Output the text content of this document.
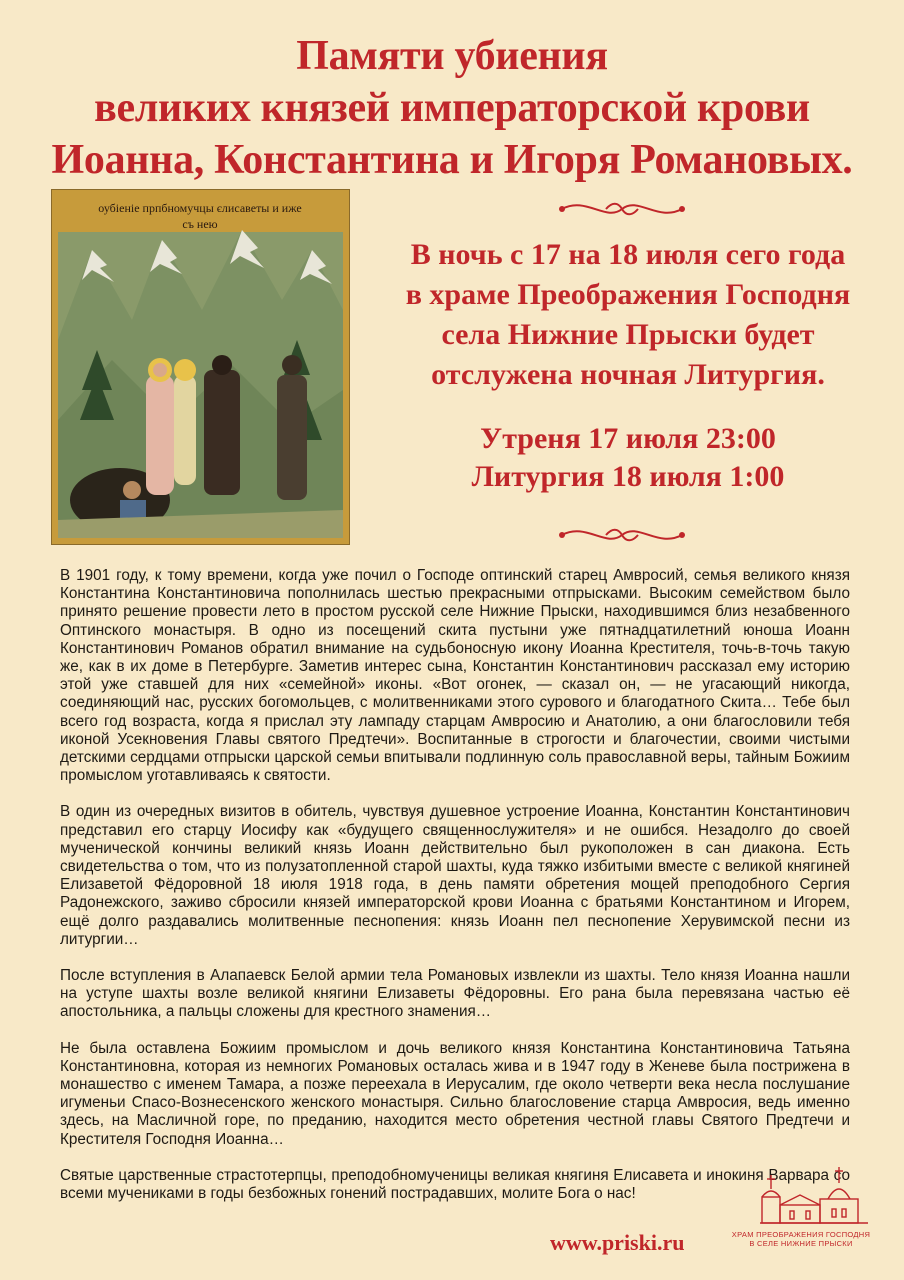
Памяти убиения
великих князей императорской крови
Иоанна, Константина и Игоря Романовых.
оубіеніе прпбномучцы єлисаветы и иже
съ нею
В ночь с 17 на 18 июля сего года
в храме Преображения Господня
села Нижние Прыски будет
отслужена ночная Литургия.
Утреня 17 июля 23:00
Литургия 18 июля 1:00

В 1901 году, к тому времени, когда уже почил о Господе оптинский старец Амвросий, семья великого князя Константина Константиновича пополнилась шестью прекрасными отпрысками. Высоким семейством было принято решение провести лето в простом русской селе Нижние Прыски, находившимся близ незабвенного Оптинского монастыря. В одно из посещений скита пустыни уже пятнадцатилетний юноша Иоанн Константинович Романов обратил внимание на судьбоносную икону Иоанна Крестителя, точь-в-точь такую же, как в их доме в Петербурге. Заметив интерес сына, Константин Константинович рассказал ему историю этой уже ставшей для них «семейной» иконы. «Вот огонек, — сказал он, — не угасающий никогда, соединяющий нас, русских богомольцев, с молитвенниками этого сурового и благодатного Скита… Тебе был всего год возраста, когда я прислал эту лампаду старцам Амвросию и Анатолию, а они благословили тебя иконой Усекновения Главы святого Предтечи». Воспитанные в строгости и благочестии, своими чистыми детскими сердцами отпрыски царской семьи впитывали подлинную соль православной веры, тайным Божиим промыслом уготавливаясь к святости.

В один из очередных визитов в обитель, чувствуя душевное устроение Иоанна, Константин Константинович представил его старцу Иосифу как «будущего священнослужителя» и не ошибся. Незадолго до своей мученической кончины великий князь Иоанн действительно был рукоположен в сан диакона. Есть свидетельства о том, что из полузатопленной старой шахты, куда тяжко избитыми вместе с великой княгиней Елизаветой Фёдоровной 18 июля 1918 года, в день памяти обретения мощей преподобного Сергия Радонежского, заживо сбросили князей императорской крови Иоанна с братьями Константином и Игорем, ещё долго раздавались молитвенные песнопения: князь Иоанн пел песнопение Херувимской песни из литургии…

После вступления в Алапаевск Белой армии тела Романовых извлекли из шахты. Тело князя Иоанна нашли на уступе шахты возле великой княгини Елизаветы Фёдоровны. Его рана была перевязана частью её апостольника, а пальцы сложены для крестного знамения…

Не была оставлена Божиим промыслом и дочь великого князя Константина Константиновича Татьяна Константиновна, которая из немногих Романовых осталась жива и в 1947 году в Женеве была пострижена в монашество с именем Тамара, а позже переехала в Иерусалим, где около четверти века несла послушание игуменьи Спасо-Вознесенского женского монастыря. Сильно благословение старца Амвросия, ведь именно здесь, на Масличной горе, по преданию, находится место обретения честной главы Святого Предтечи и Крестителя Господня Иоанна…

Святые царственные страстотерпцы, преподобномученицы великая княгиня Елисавета и инокиня Варвара со всеми мучениками в годы безбожных гонений пострадавших, молите Бога о нас!

www.priski.ru	ХРАМ ПРЕОБРАЖЕНИЯ ГОСПОДНЯ
В СЕЛЕ НИЖНИЕ ПРЫСКИ
